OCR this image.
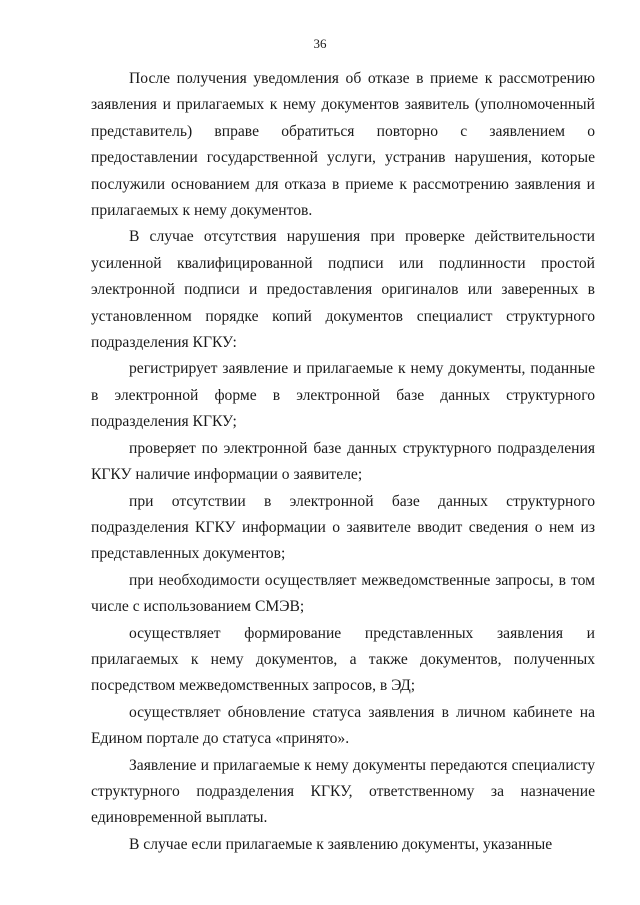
36

После получения уведомления об отказе в приеме к рассмотрению заявления и прилагаемых к нему документов заявитель (уполномоченный представитель) вправе обратиться повторно с заявлением о предоставлении государственной услуги, устранив нарушения, которые послужили основанием для отказа в приеме к рассмотрению заявления и прилагаемых к нему документов.

В случае отсутствия нарушения при проверке действительности усиленной квалифицированной подписи или подлинности простой электронной подписи и предоставления оригиналов или заверенных в установленном порядке копий документов специалист структурного подразделения КГКУ:

регистрирует заявление и прилагаемые к нему документы, поданные в электронной форме в электронной базе данных структурного подразделения КГКУ;

проверяет по электронной базе данных структурного подразделения КГКУ наличие информации о заявителе;

при отсутствии в электронной базе данных структурного подразделения КГКУ информации о заявителе вводит сведения о нем из представленных документов;

при необходимости осуществляет межведомственные запросы, в том числе с использованием СМЭВ;

осуществляет формирование представленных заявления и прилагаемых к нему документов, а также документов, полученных посредством межведомственных запросов, в ЭД;

осуществляет обновление статуса заявления в личном кабинете на Едином портале до статуса «принято».

Заявление и прилагаемые к нему документы передаются специалисту структурного подразделения КГКУ, ответственному за назначение единовременной выплаты.

В случае если прилагаемые к заявлению документы, указанные
